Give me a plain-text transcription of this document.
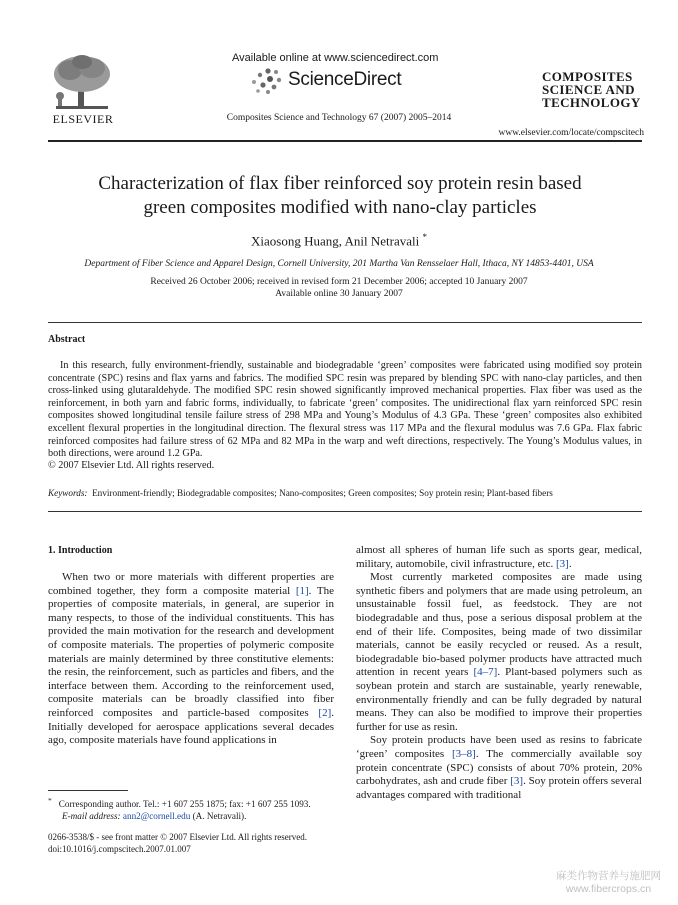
ELSEVIER
Available online at www.sciencedirect.com
ScienceDirect
Composites Science and Technology 67 (2007) 2005–2014
COMPOSITES
SCIENCE AND
TECHNOLOGY
www.elsevier.com/locate/compscitech
Characterization of flax fiber reinforced soy protein resin based
green composites modified with nano-clay particles
Xiaosong Huang, Anil Netravali *
Department of Fiber Science and Apparel Design, Cornell University, 201 Martha Van Rensselaer Hall, Ithaca, NY 14853-4401, USA
Received 26 October 2006; received in revised form 21 December 2006; accepted 10 January 2007
Available online 30 January 2007
Abstract

In this research, fully environment-friendly, sustainable and biodegradable ‘green’ composites were fabricated using modified soy protein concentrate (SPC) resins and flax yarns and fabrics. The modified SPC resin was prepared by blending SPC with nano-clay particles, and then cross-linked using glutaraldehyde. The modified SPC resin showed significantly improved mechanical properties. Flax fiber was used as the reinforcement, in both yarn and fabric forms, individually, to fabricate ‘green’ composites. The unidirectional flax yarn reinforced SPC resin composites showed longitudinal tensile failure stress of 298 MPa and Young’s Modulus of 4.3 GPa. These ‘green’ composites also exhibited excellent flexural properties in the longitudinal direction. The flexural stress was 117 MPa and the flexural modulus was 7.6 GPa. Flax fabric reinforced composites had failure stress of 62 MPa and 82 MPa in the warp and weft directions, respectively. The Young’s Modulus values, in both directions, were around 1.2 GPa.

© 2007 Elsevier Ltd. All rights reserved.
Keywords: Environment-friendly; Biodegradable composites; Nano-composites; Green composites; Soy protein resin; Plant-based fibers
1. Introduction

When two or more materials with different properties are combined together, they form a composite material [1]. The properties of composite materials, in general, are superior in many respects, to those of the individual constituents. This has provided the main motivation for the research and development of composite materials. The properties of polymeric composite materials are mainly determined by three constitutive elements: the resin, the reinforcement, such as particles and fibers, and the interface between them. According to the reinforcement used, composite materials can be broadly classified into fiber reinforced composites and particle-based composites [2]. Initially developed for aerospace applications several decades ago, composite materials have found applications in

almost all spheres of human life such as sports gear, medical, military, automobile, civil infrastructure, etc. [3].

Most currently marketed composites are made using synthetic fibers and polymers that are made using petroleum, an unsustainable fossil fuel, as feedstock. They are not biodegradable and thus, pose a serious disposal problem at the end of their life. Composites, being made of two dissimilar materials, cannot be easily recycled or reused. As a result, biodegradable bio-based polymer products have attracted much attention in recent years [4–7]. Plant-based polymers such as soybean protein and starch are sustainable, yearly renewable, environmentally friendly and can be fully degraded by natural means. They can also be modified to improve their properties further for use as resin.

Soy protein products have been used as resins to fabricate ‘green’ composites [3–8]. The commercially available soy protein concentrate (SPC) consists of about 70% protein, 20% carbohydrates, ash and crude fiber [3]. Soy protein offers several advantages compared with traditional

* Corresponding author. Tel.: +1 607 255 1875; fax: +1 607 255 1093.
E-mail address: ann2@cornell.edu (A. Netravali).
0266-3538/$ - see front matter © 2007 Elsevier Ltd. All rights reserved.
doi:10.1016/j.compscitech.2007.01.007
麻类作物营养与施肥网
www.fibercrops.cn
